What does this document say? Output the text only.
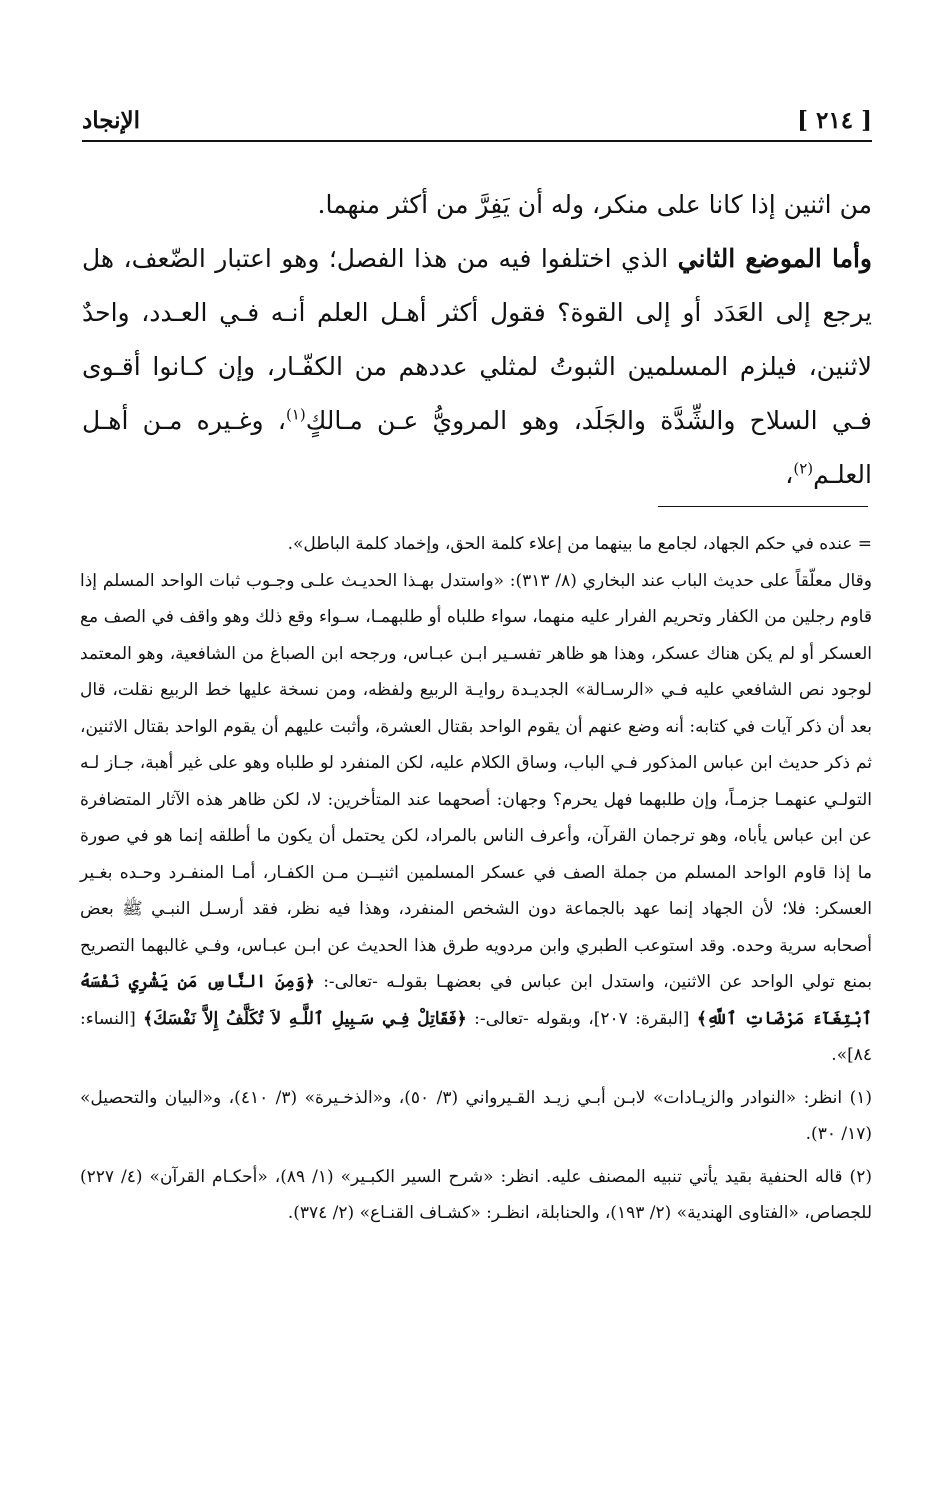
[ ٢١٤ ]
الإنجاد

من اثنين إذا كانا على منكر، وله أن يَفِرَّ من أكثر منهما.

وأما الموضع الثاني الذي اختلفوا فيه من هذا الفصل؛ وهو اعتبار الضّعف، هل يرجع إلى العَدَد أو إلى القوة؟ فقول أكثر أهـل العلم أنـه فـي العـدد، واحدٌ لاثنين، فيلزم المسلمين الثبوتُ لمثلي عددهم من الكفّـار، وإن كـانوا أقـوى فـي السلاح والشِّدَّة والجَلَد، وهو المرويُّ عـن مـالكٍ$^{(١)}$، وغـيره مـن أهـل العلـم$^{(٢)}$،

= عنده في حكم الجهاد، لجامع ما بينهما من إعلاء كلمة الحق، وإخماد كلمة الباطل».

وقال معلّقاً على حديث الباب عند البخاري (٨/ ٣١٣): «واستدل بهـذا الحديـث علـى وجـوب ثبات الواحد المسلم إذا قاوم رجلين من الكفار وتحريم الفرار عليه منهما، سواء طلباه أو طلبهمـا، سـواء وقع ذلك وهو واقف في الصف مع العسكر أو لم يكن هناك عسكر، وهذا هو ظاهر تفسـير ابـن عبـاس، ورجحه ابن الصباغ من الشافعية، وهو المعتمد لوجود نص الشافعي عليه فـي «الرسـالة» الجديـدة روايـة الربيع ولفظه، ومن نسخة عليها خط الربيع نقلت، قال بعد أن ذكر آيات في كتابه: أنه وضع عنهم أن يقوم الواحد بقتال العشرة، وأثبت عليهم أن يقوم الواحد بقتال الاثنين، ثم ذكر حديث ابن عباس المذكور فـي الباب، وساق الكلام عليه، لكن المنفرد لو طلباه وهو على غير أهبة، جـاز لـه التولـي عنهمـا جزمـاً، وإن طلبهما فهل يحرم؟ وجهان: أصحهما عند المتأخرين: لا، لكن ظاهر هذه الآثار المتضافرة عن ابن عباس يأباه، وهو ترجمان القرآن، وأعرف الناس بالمراد، لكن يحتمل أن يكون ما أطلقه إنما هو في صورة ما إذا قاوم الواحد المسلم من جملة الصف في عسكر المسلمين اثنيــن مـن الكفـار، أمـا المنفـرد وحـده بغـير العسكر: فلا؛ لأن الجهاد إنما عهد بالجماعة دون الشخص المنفرد، وهذا فيه نظر، فقد أرسـل النبـي ﷺ بعض أصحابه سرية وحده. وقد استوعب الطبري وابن مردويه طرق هذا الحديث عن ابـن عبـاس، وفـي غالبهما التصريح بمنع تولي الواحد عن الاثنين، واستدل ابن عباس في بعضهـا بقولـه -تعالى-: ﴿وَمِنَ النَّاسِ مَن يَشْرِي نَفْسَهُ ٱبْتِغَآءَ مَرْضَاتِ ٱللَّهِ﴾ [البقرة: ٢٠٧]، وبقوله -تعالى-: ﴿فَقَاتِلْ فِـي سَـبِيلِ ٱللَّـهِ لاَ تُكَلَّفُ إِلاَّ نَفْسَكَ﴾ [النساء: ٨٤]».

(١) انظر: «النوادر والزيـادات» لابـن أبـي زيـد القـيرواني (٣/ ٥٠)، و«الذخـيرة» (٣/ ٤١٠)، و«البيان والتحصيل» (١٧/ ٣٠).

(٢) قاله الحنفية بقيد يأتي تنبيه المصنف عليه. انظر: «شرح السير الكبـير» (١/ ٨٩)، «أحكـام القرآن» (٤/ ٢٢٧) للجصاص، «الفتاوى الهندية» (٢/ ١٩٣)، والحنابلة، انظـر: «كشـاف القنـاع» (٢/ ٣٧٤).
